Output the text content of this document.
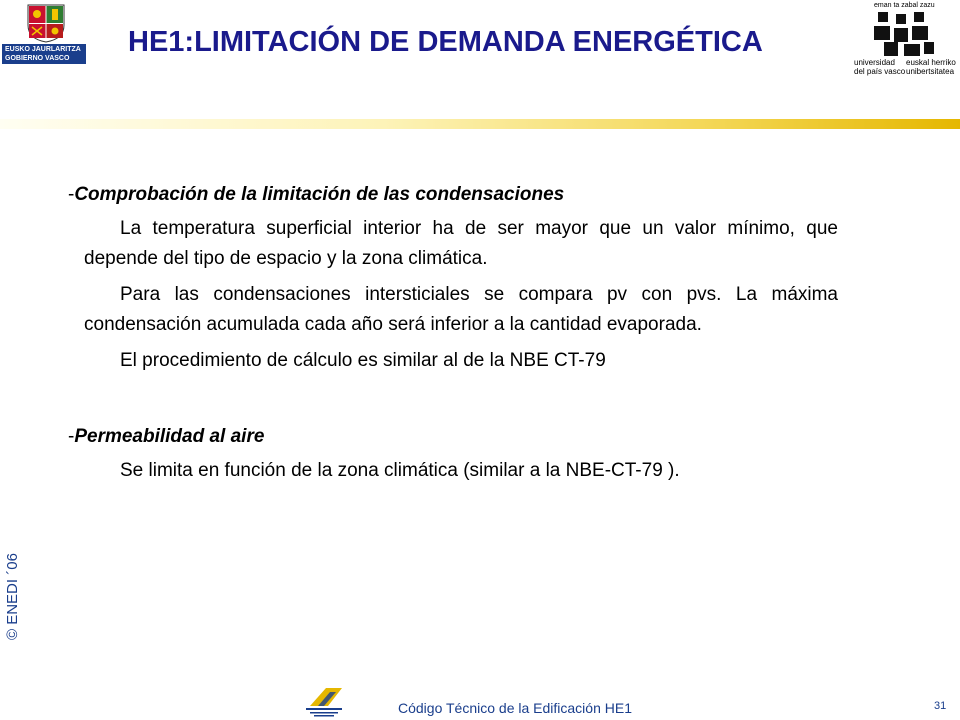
EUSKO JAURLARITZA
GOBIERNO VASCO
HE1:LIMITACIÓN DE DEMANDA ENERGÉTICA
eman ta zabal zazu
universidad
del país vasco
euskal herriko
unibertsitatea
© ENEDI ´06

-Comprobación de la limitación de las condensaciones

La temperatura superficial interior ha de ser mayor que un valor mínimo, que depende del tipo de espacio y la zona climática.

Para las condensaciones intersticiales se compara pv con pvs. La máxima condensación acumulada cada año será inferior a la cantidad evaporada.

El procedimiento de cálculo es similar al de la NBE CT-79

-Permeabilidad al aire

Se limita en función de la zona climática (similar a la NBE-CT-79 ).

Código Técnico de la Edificación HE1	31
